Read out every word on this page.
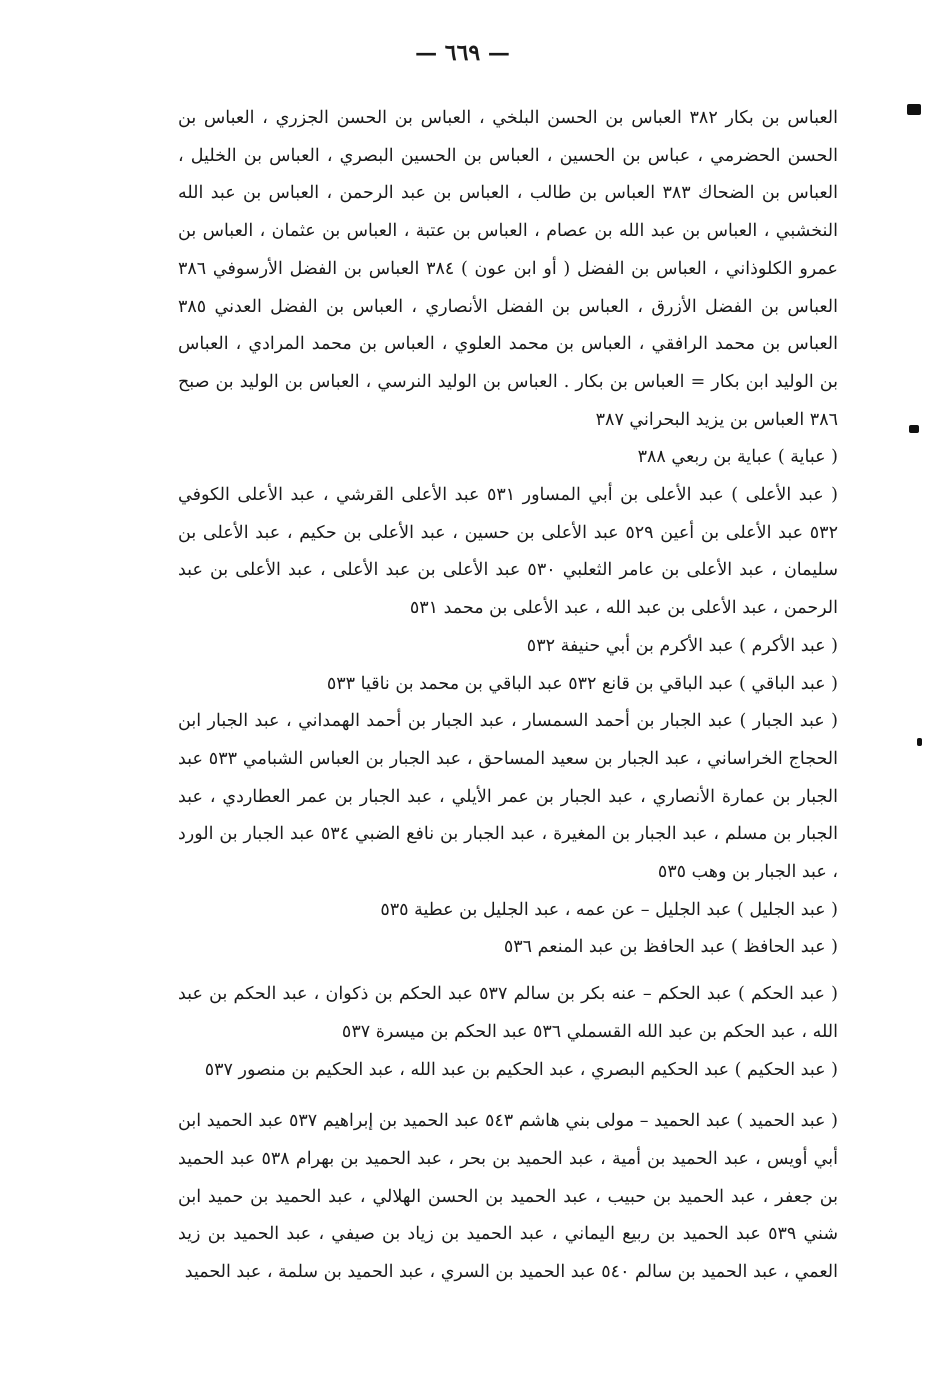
— ٦٦٩ —

العباس بن بكار ٣٨٢ العباس بن الحسن البلخي ، العباس بن الحسن الجزري ، العباس بن الحسن الحضرمي ، عباس بن الحسين ، العباس بن الحسين البصري ، العباس بن الخليل ، العباس بن الضحاك ٣٨٣ العباس بن طالب ، العباس بن عبد الرحمن ، العباس بن عبد الله النخشبي ، العباس بن عبد الله بن عصام ، العباس بن عتبة ، العباس بن عثمان ، العباس بن عمرو الكلوذاني ، العباس بن الفضل ( أو ابن عون ) ٣٨٤ العباس بن الفضل الأرسوفي ٣٨٦ العباس بن الفضل الأزرق ، العباس بن الفضل الأنصاري ، العباس بن الفضل العدني ٣٨٥ العباس بن محمد الرافقي ، العباس بن محمد العلوي ، العباس بن محمد المرادي ، العباس بن الوليد ابن بكار = العباس بن بكار . العباس بن الوليد النرسي ، العباس بن الوليد بن صبح ٣٨٦ العباس بن يزيد البحراني ٣٨٧

( عباية ) عباية بن ربعي ٣٨٨

( عبد الأعلى ) عبد الأعلى بن أبي المساور ٥٣١ عبد الأعلى القرشي ، عبد الأعلى الكوفي ٥٣٢ عبد الأعلى بن أعين ٥٢٩ عبد الأعلى بن حسين ، عبد الأعلى بن حكيم ، عبد الأعلى بن سليمان ، عبد الأعلى بن عامر الثعلبي ٥٣٠ عبد الأعلى بن عبد الأعلى ، عبد الأعلى بن عبد الرحمن ، عبد الأعلى بن عبد الله ، عبد الأعلى بن محمد ٥٣١

( عبد الأكرم ) عبد الأكرم بن أبي حنيفة ٥٣٢

( عبد الباقي ) عبد الباقي بن قانع ٥٣٢ عبد الباقي بن محمد بن ناقيا ٥٣٣

( عبد الجبار ) عبد الجبار بن أحمد السمسار ، عبد الجبار بن أحمد الهمداني ، عبد الجبار ابن الحجاج الخراساني ، عبد الجبار بن سعيد المساحق ، عبد الجبار بن العباس الشبامي ٥٣٣ عبد الجبار بن عمارة الأنصاري ، عبد الجبار بن عمر الأيلي ، عبد الجبار بن عمر العطاردي ، عبد الجبار بن مسلم ، عبد الجبار بن المغيرة ، عبد الجبار بن نافع الضبي ٥٣٤ عبد الجبار بن الورد ، عبد الجبار بن وهب ٥٣٥

( عبد الجليل ) عبد الجليل – عن عمه ، عبد الجليل بن عطية ٥٣٥

( عبد الحافظ ) عبد الحافظ بن عبد المنعم ٥٣٦

( عبد الحكم ) عبد الحكم – عنه بكر بن سالم ٥٣٧ عبد الحكم بن ذكوان ، عبد الحكم بن عبد الله ، عبد الحكم بن عبد الله القسملي ٥٣٦ عبد الحكم بن ميسرة ٥٣٧

( عبد الحكيم ) عبد الحكيم البصري ، عبد الحكيم بن عبد الله ، عبد الحكيم بن منصور ٥٣٧

( عبد الحميد ) عبد الحميد – مولى بني هاشم ٥٤٣ عبد الحميد بن إبراهيم ٥٣٧ عبد الحميد ابن أبي أويس ، عبد الحميد بن أمية ، عبد الحميد بن بحر ، عبد الحميد بن بهرام ٥٣٨ عبد الحميد بن جعفر ، عبد الحميد بن حبيب ، عبد الحميد بن الحسن الهلالي ، عبد الحميد بن حميد ابن شني ٥٣٩ عبد الحميد بن ربيع اليماني ، عبد الحميد بن زياد بن صيفي ، عبد الحميد بن زيد العمي ، عبد الحميد بن سالم ٥٤٠ عبد الحميد بن السري ، عبد الحميد بن سلمة ، عبد الحميد
